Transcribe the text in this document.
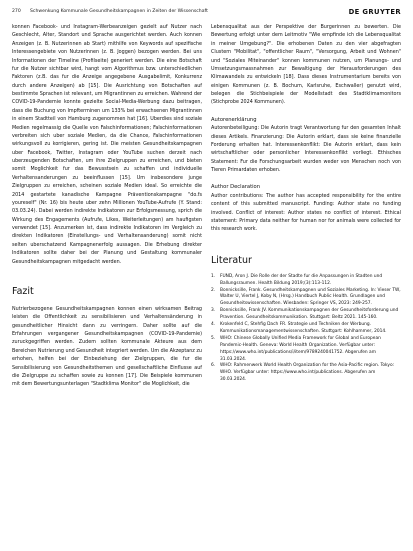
270 Schwenkung Kommunale Gesundheitskampagnen in Zeiten der Wissenschaft	DE GRUYTER

konnen Facebook- und Instagram-Werbeanzeigen gezielt auf Nutzer nach Geschlecht, Alter, Standort und Sprache ausgerichtet werden. Auch konnen Anzeigen (z. B. Nutzerinnen ab Start) mithilfe von Keywords auf spezifische Interessengebiete von Nutzerinnen (z. B. Joggen) bezogen werden. Bei uns Informationen der Timeline (Profilseite) generiert werden. Die eine Botschaft fur die Nutzer sichtbar wird, hangt vom Algorithmus bzw. unterschiedlichen Faktoren (z.B. das fur die Anzeige angegebene Ausgabelimit, Konkurrenz durch andere Anzeigen) ab [15]. Die Ausrichtung von Botschaften auf bestimmte Sprachen ist relevant, um Migrantinnen zu erreichen. Wahrend der COVID-19-Pandemie konnte gezielte Social-Media-Werbung dazu beitragen, dass die Buchung von Impfterminen um 133% bei erwachsenen Migrantinnen in einem Stadtteil von Hamburg zugenommen hat [16]. Uberdies sind soziale Medien regelmassig die Quelle von Falschinformationen; Falschinformationen verbreiten sich uber soziale Medien, da die Chance, Falschinformationen wirkungsvoll zu korrigieren, gering ist. Die meisten Gesundheitskampagnen uber Facebook, Twitter, Instagram oder YouTube suchen derzeit nach uberzeugenden Botschaften, um ihre Zielgruppen zu erreichen, und bieten somit Moglichkeit fur das Bewusstsein zu schaffen und individuelle Verhaltensanderungen zu beeinflussen [15]. Um insbesondere junge Zielgruppen zu erreichen, scheinen soziale Medien ideal. So erreichte die 2014 gestartete kanadische Kampagne Präventionskampagne "do.fs youreself" (Nr. 16) bis heute uber zehn Millionen YouTube-Aufrufe (Y. Stand: 03.03.24). Dabei werden indirekte Indikatoren zur Erfolgsmessung, sprich die Wirkung des Engagements (Aufrufe, Likes, Weiterleitungen) am haufigsten verwendet [15]. Anzumerken ist, dass indirekte Indikatoren im Vergleich zu direkten Indikatoren (Einstellungs- und Verhaltensanderung) somit nicht selten uberschatzend Kampagnenerfolg aussagen. Die Erhebung direkter Indikatoren sollte daher bei der Planung und Gestaltung kommunaler Gesundheitskampagnen mitgedacht werden.

Fazit

Nutrierbezogene Gesundheitskampagnen konnen einen wirksamen Beitrag leisten die Offentlichkeit zu sensibilisieren und Verhaltensänderung in gesundheitlicher Hinsicht dann zu verringern. Daher sollte auf die Erfahrungen vergangener Gesundheitskampagnen (COVID-19-Pandemie) zuruckgegriffen werden. Zudem sollten kommunale Akteure aus dem Bereichen Nutrierung und Gesundheit integriert werden. Um die Akzeptanz zu erhohen, helfen bei der Einbeziehung der Zielgruppen, die fur die Sensibilisierung von Gesundheitsthemen und gesellschaftliche Einflusse auf die Zielgruppe zu schaffen sowie zu konnen [17]. Die Beispiele kommunen mit dem Bewertungsunterlagen "Stadtklima Monitor" die Moglichkeit, die

Lebensqualitat aus der Perspektive der Burgerinnen zu bewerten. Die Bewertung erfolgt unter dem Leitmotiv "Wie empfinde ich die Lebensqualitat in meiner Umgebung?". Die erhobenen Daten zu den vier abgefragten Clustern "Mobilitat", "offentlicher Raum", "Versorgung, Arbeit und Wohnen" und "Soziales Miteinander" konnen kommunen nutzen, um Planungs- und Umsetzungsmassnahmen zur Bewaltigung der Herausforderungen des Klimawandels zu entwickeln [18]. Dass dieses Instrumentarium bereits von einigen Kommunen (z. B. Bochum, Karlsruhe, Eschwaller) genutzt wird, belegen die Stichbeispiele der Modellstadt des Stadtklimamonitors (Stichprobe 2024 Kommunen).

Autorenerklärung

Autorenbeteiligung: Die Autorin tragt Verantwortung fur den gesamten Inhalt dieses Artikels. Finanzierung: Die Autorin erklart, dass sie keine finanzielle Forderung erhalten hat. Interessenkonflikt: Die Autorin erklart, dass kein wirtschaftlicher oder personlicher Interessenkonflikt vorliegt. Ethisches Statement: Fur die Forschungsarbeit wurden weder von Menschen noch von Tieren Primardaten erhoben.

Author Declaration

Author contributions: The author has accepted responsibility for the entire content of this submitted manuscript. Funding: Author state no funding involved. Conflict of interest: Author states no conflict of interest. Ethical statement: Primary data neither for human nor for animals were collected for this research work.

Literatur
1. FUND, Aron J. Die Rolle der der Stadte fur die Anpassungen in Stadten und Ballungsraumen. Health Bildung 2019;(3):113-112.
2. Bonnicksille, Frank. Gesundheitskampagnen und Soziales Marketing. In: Vieser TW, Walter U, Viertel J, Koby N, (Hrsg.) Handbuch Public Health. Grundlagen und Gesundheitswissenschaften. Wiesbaden: Springer VS, 2023: 249-257.
3. Bonnicksille, Frank JV. Kommunikationskampagnen der Gesundheitsforderung und Pravention. Gesundheitskommunikation. Stuttgart: Beltz 2021. 145-160.
4. Krokenfeld C, Stehfig Dach FR. Strategie und Techniken der Werbung. Kommunikationsmanagementwissenschaften. Stuttgart: Kohlhammer, 2014.
5. WHO: Chinese Globally Unified Media Framework for Global and European Pandemic-Health. Geneva: World Health Organization. Verfügbar unter: https://www.who.int/publications/i/item/9789240041752. Abgerufen am 31.03.2024.
6. WHO: Rahmenwerk World Health Organization for the Asia-Pacific region. Tokyo: WHO. Verfügbar unter: https://www.who.int/publications. Abgerufen am 30.03.2024.
